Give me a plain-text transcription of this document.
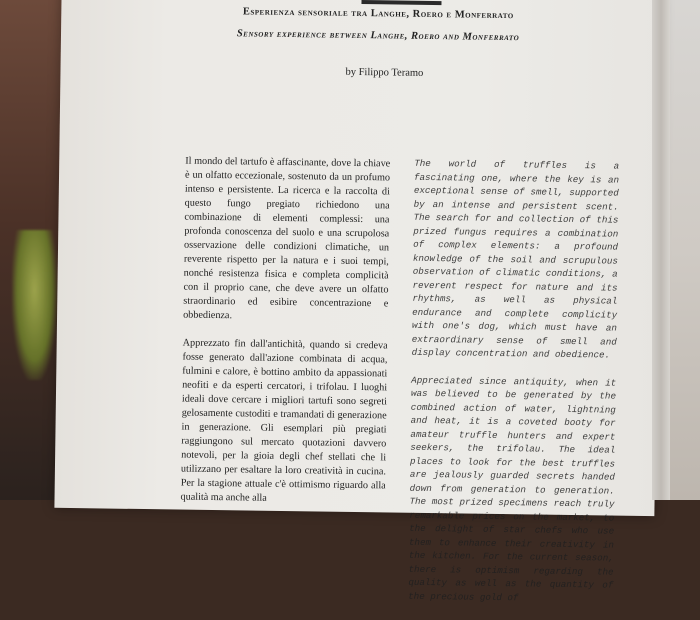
Esperienza sensoriale tra Langhe, Roero e Monferrato
Sensory experience between Langhe, Roero and Monferrato
by Filippo Teramo

Il mondo del tartufo è affascinante, dove la chiave è un olfatto eccezionale, sostenuto da un profumo intenso e persistente. La ricerca e la raccolta di questo fungo pregiato richiedono una combinazione di elementi complessi: una profonda conoscenza del suolo e una scrupolosa osservazione delle condizioni climatiche, un reverente rispetto per la natura e i suoi tempi, nonché resistenza fisica e completa complicità con il proprio cane, che deve avere un olfatto straordinario ed esibire concentrazione e obbedienza.

Apprezzato fin dall'antichità, quando si credeva fosse generato dall'azione combinata di acqua, fulmini e calore, è bottino ambito da appassionati neofiti e da esperti cercatori, i trifolau. I luoghi ideali dove cercare i migliori tartufi sono segreti gelosamente custoditi e tramandati di generazione in generazione. Gli esemplari più pregiati raggiungono sul mercato quotazioni davvero notevoli, per la gioia degli chef stellati che li utilizzano per esaltare la loro creatività in cucina. Per la stagione attuale c'è ottimismo riguardo alla qualità ma anche alla

The world of truffles is a fascinating one, where the key is an exceptional sense of smell, supported by an intense and persistent scent. The search for and collection of this prized fungus requires a combination of complex elements: a profound knowledge of the soil and scrupulous observation of climatic conditions, a reverent respect for nature and its rhythms, as well as physical endurance and complete complicity with one's dog, which must have an extraordinary sense of smell and display concentration and obedience.

Appreciated since antiquity, when it was believed to be generated by the combined action of water, lightning and heat, it is a coveted booty for amateur truffle hunters and expert seekers, the trifolau. The ideal places to look for the best truffles are jealously guarded secrets handed down from generation to generation. The most prized specimens reach truly remarkable prices on the market, to the delight of star chefs who use them to enhance their creativity in the kitchen. For the current season, there is optimism regarding the quality as well as the quantity of the precious gold of
